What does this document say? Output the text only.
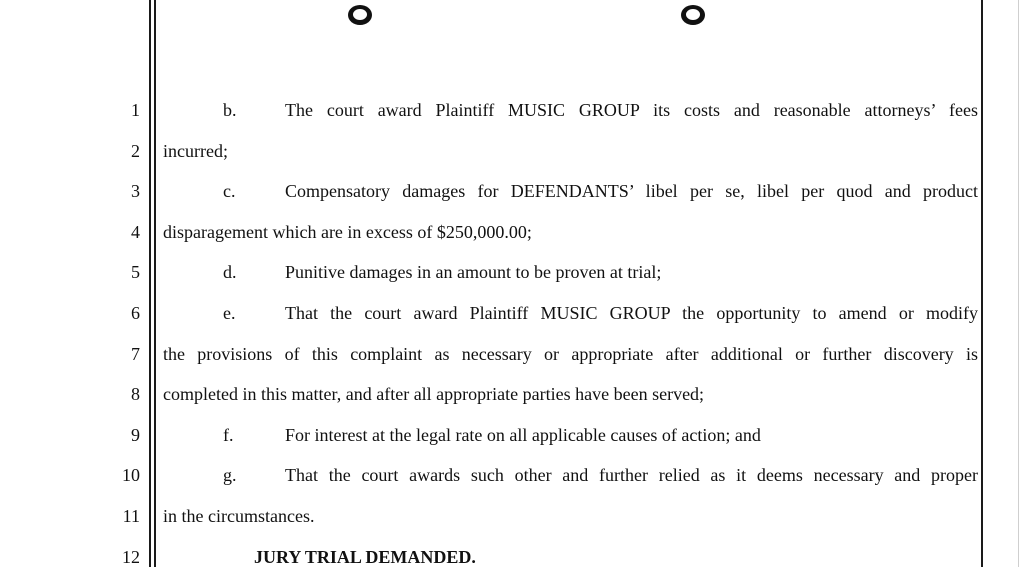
1
2
3
4
5
6
7
8
9
10
11
12
b.	The court award Plaintiff MUSIC GROUP its costs and reasonable attorneys’ fees
incurred;
c.	Compensatory damages for DEFENDANTS’ libel per se, libel per quod and product
disparagement which are in excess of $250,000.00;
d.	Punitive damages in an amount to be proven at trial;
e.	That the court award Plaintiff MUSIC GROUP the opportunity to amend or modify
the provisions of this complaint as necessary or appropriate after additional or further discovery is
completed in this matter, and after all appropriate parties have been served;
f.	For interest at the legal rate on all applicable causes of action; and
g.	That the court awards such other and further relied as it deems necessary and proper
in the circumstances.
JURY TRIAL DEMANDED.
